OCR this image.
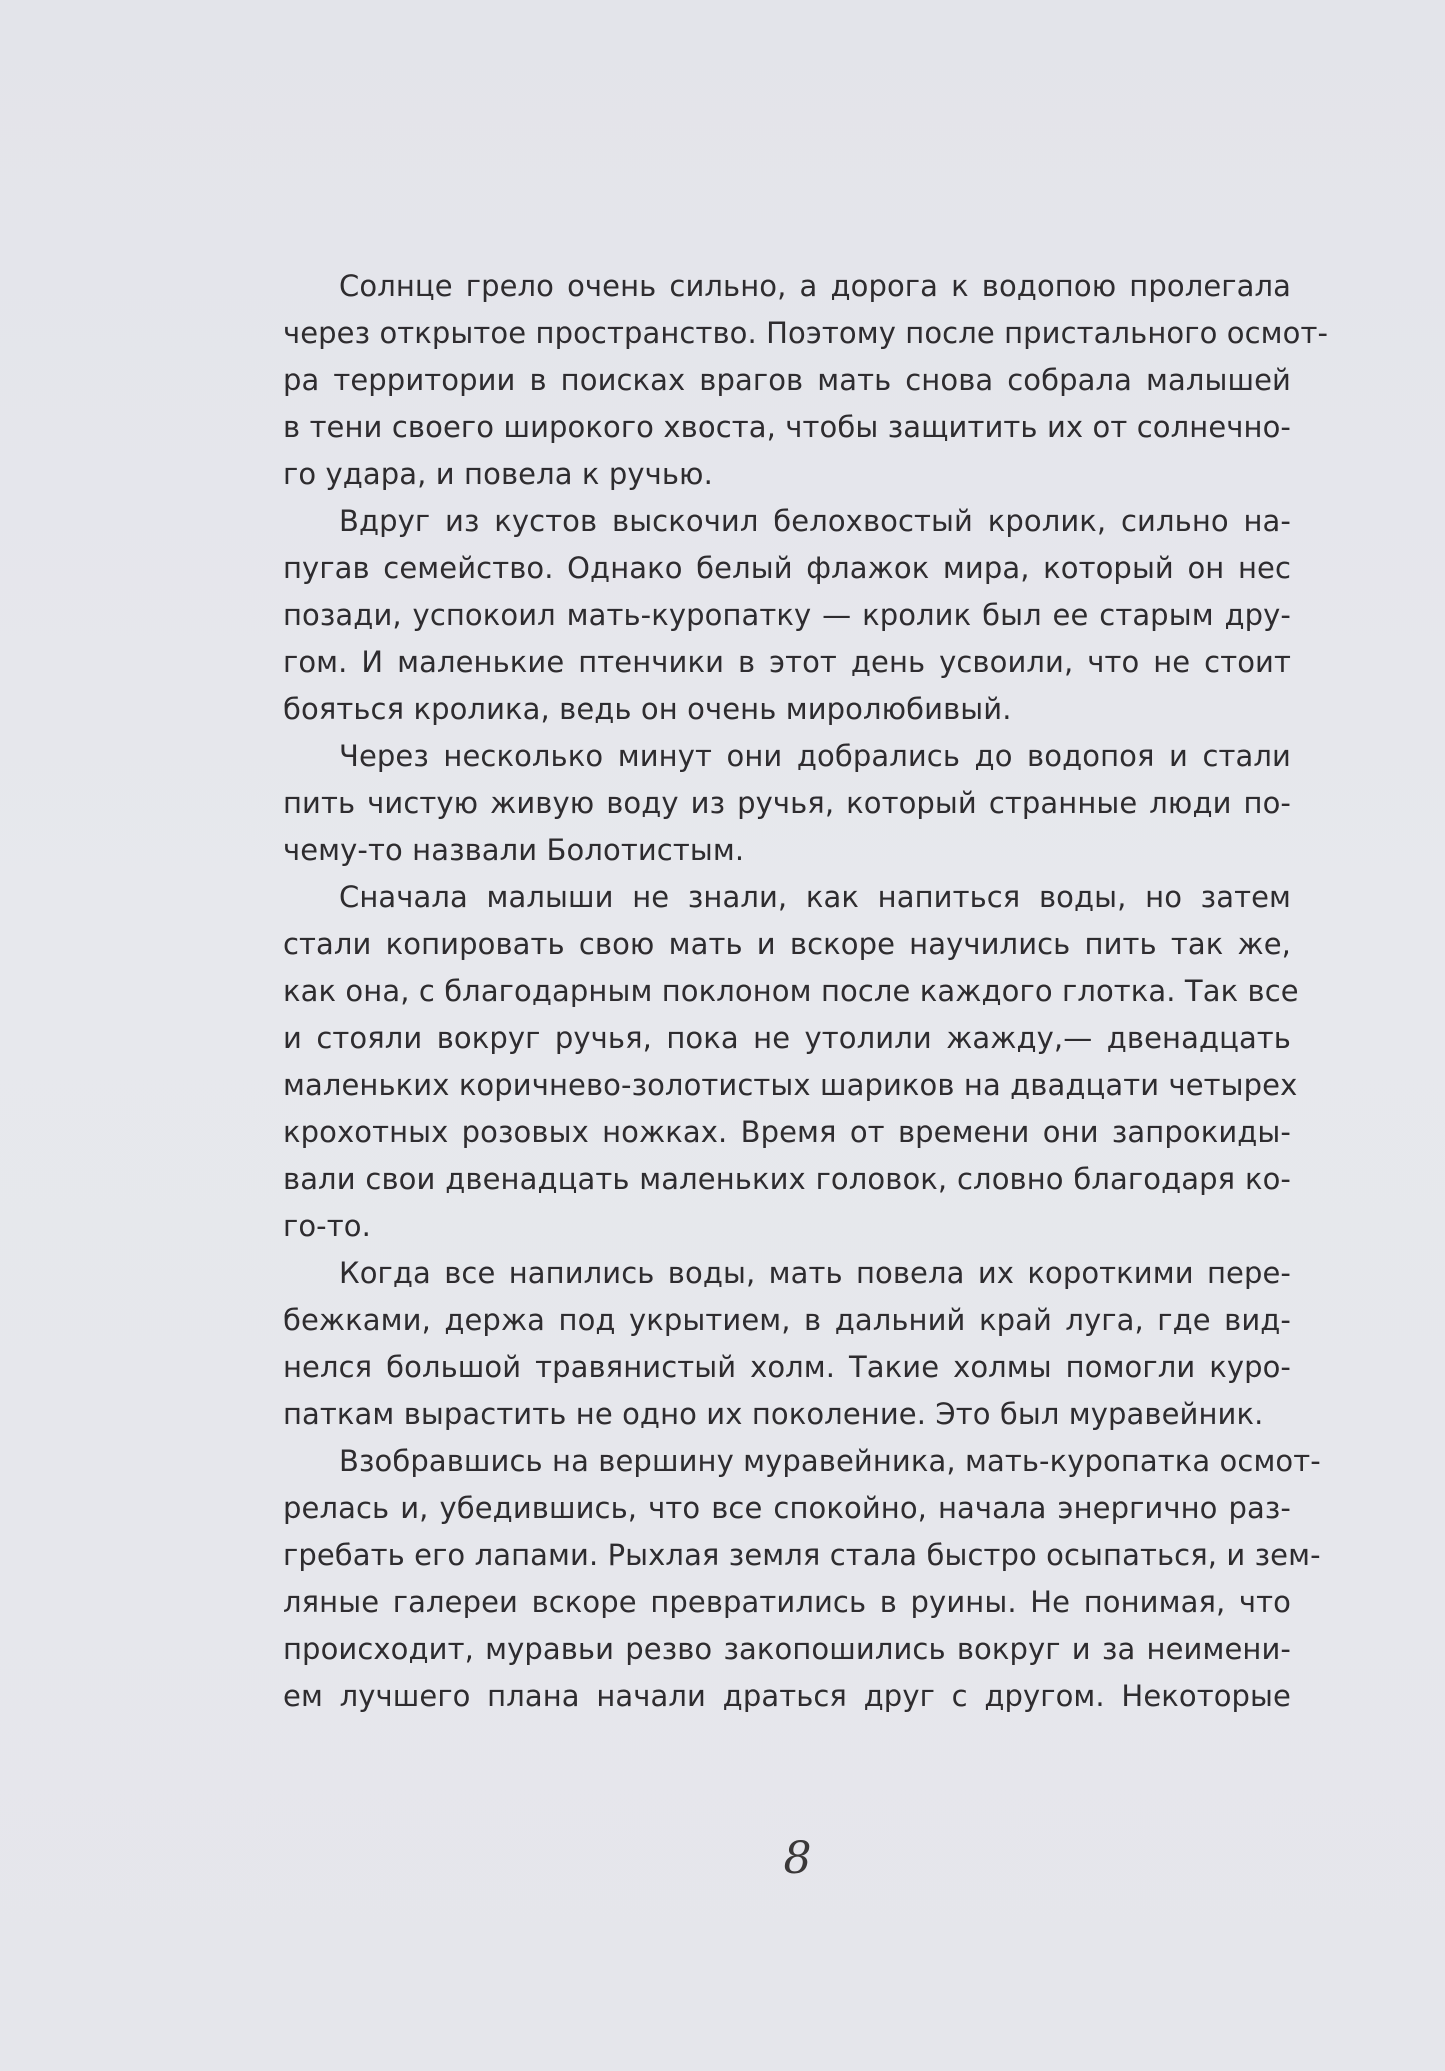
Солнце грело очень сильно, а дорога к водопою пролегала
через открытое пространство. Поэтому после пристального осмот-
ра территории в поисках врагов мать снова собрала малышей
в тени своего широкого хвоста, чтобы защитить их от солнечно-
го удара, и повела к ручью.
Вдруг из кустов выскочил белохвостый кролик, сильно на-
пугав семейство. Однако белый флажок мира, который он нес
позади, успокоил мать-куропатку — кролик был ее старым дру-
гом. И маленькие птенчики в этот день усвоили, что не стоит
бояться кролика, ведь он очень миролюбивый.
Через несколько минут они добрались до водопоя и стали
пить чистую живую воду из ручья, который странные люди по-
чему-то назвали Болотистым.
Сначала малыши не знали, как напиться воды, но затем
стали копировать свою мать и вскоре научились пить так же,
как она, с благодарным поклоном после каждого глотка. Так все
и стояли вокруг ручья, пока не утолили жажду,— двенадцать
маленьких коричнево-золотистых шариков на двадцати четырех
крохотных розовых ножках. Время от времени они запрокиды-
вали свои двенадцать маленьких головок, словно благодаря ко-
го-то.
Когда все напились воды, мать повела их короткими пере-
бежками, держа под укрытием, в дальний край луга, где вид-
нелся большой травянистый холм. Такие холмы помогли куро-
паткам вырастить не одно их поколение. Это был муравейник.
Взобравшись на вершину муравейника, мать-куропатка осмот-
релась и, убедившись, что все спокойно, начала энергично раз-
гребать его лапами. Рыхлая земля стала быстро осыпаться, и зем-
ляные галереи вскоре превратились в руины. Не понимая, что
происходит, муравьи резво закопошились вокруг и за неимени-
ем лучшего плана начали драться друг с другом. Некоторые
8
